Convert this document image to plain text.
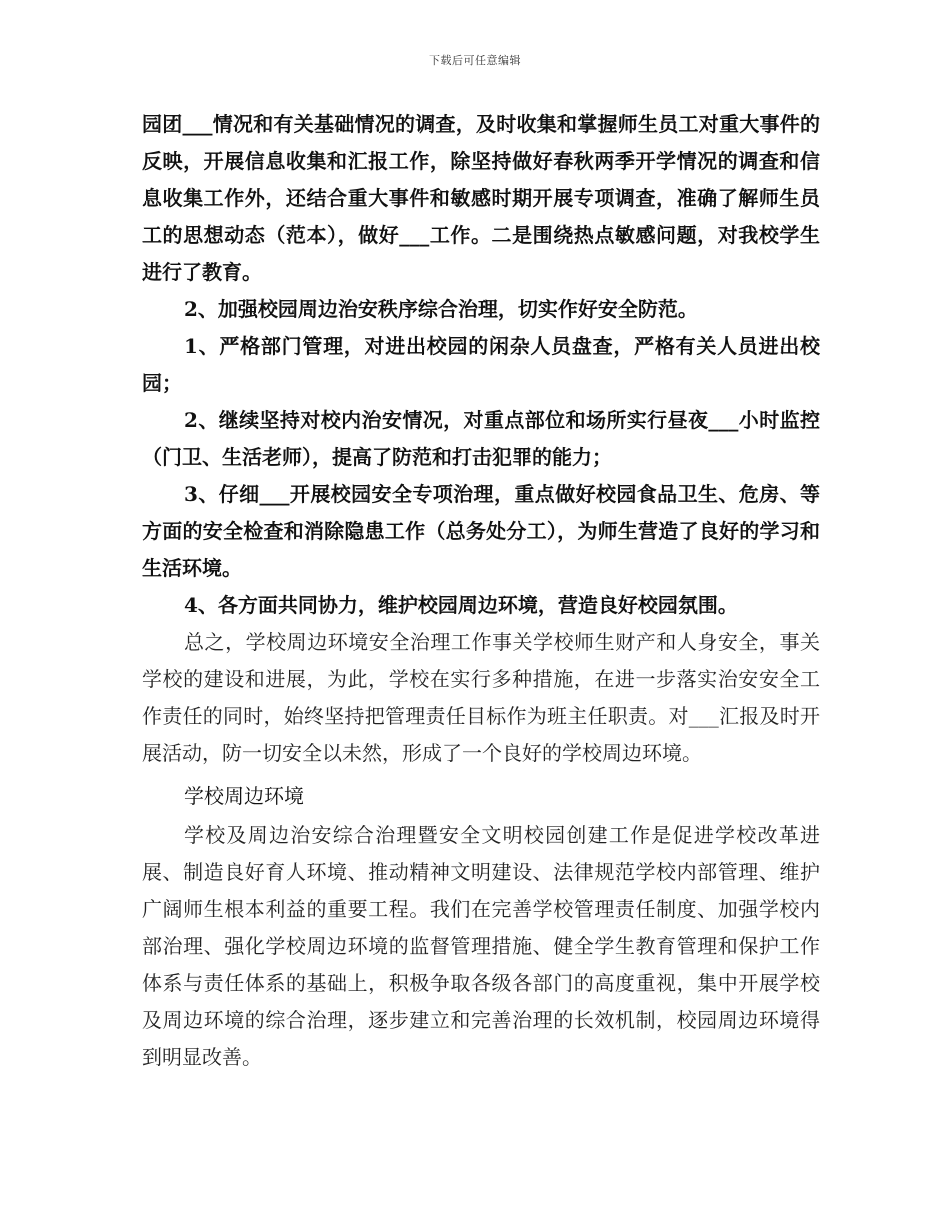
下载后可任意编辑

园团___情况和有关基础情况的调查，及时收集和掌握师生员工对重大事件的反映，开展信息收集和汇报工作，除坚持做好春秋两季开学情况的调查和信息收集工作外，还结合重大事件和敏感时期开展专项调查，准确了解师生员工的思想动态（范本），做好___工作。二是围绕热点敏感问题，对我校学生进行了教育。

2、加强校园周边治安秩序综合治理，切实作好安全防范。

1、严格部门管理，对进出校园的闲杂人员盘查，严格有关人员进出校园；

2、继续坚持对校内治安情况，对重点部位和场所实行昼夜___小时监控（门卫、生活老师），提高了防范和打击犯罪的能力；

3、仔细___开展校园安全专项治理，重点做好校园食品卫生、危房、等方面的安全检查和消除隐患工作（总务处分工），为师生营造了良好的学习和生活环境。

4、各方面共同协力，维护校园周边环境，营造良好校园氛围。

总之，学校周边环境安全治理工作事关学校师生财产和人身安全，事关学校的建设和进展，为此，学校在实行多种措施，在进一步落实治安安全工作责任的同时，始终坚持把管理责任目标作为班主任职责。对___汇报及时开展活动，防一切安全以未然，形成了一个良好的学校周边环境。

学校周边环境

学校及周边治安综合治理暨安全文明校园创建工作是促进学校改革进展、制造良好育人环境、推动精神文明建设、法律规范学校内部管理、维护广阔师生根本利益的重要工程。我们在完善学校管理责任制度、加强学校内部治理、强化学校周边环境的监督管理措施、健全学生教育管理和保护工作体系与责任体系的基础上，积极争取各级各部门的高度重视，集中开展学校及周边环境的综合治理，逐步建立和完善治理的长效机制，校园周边环境得到明显改善。
